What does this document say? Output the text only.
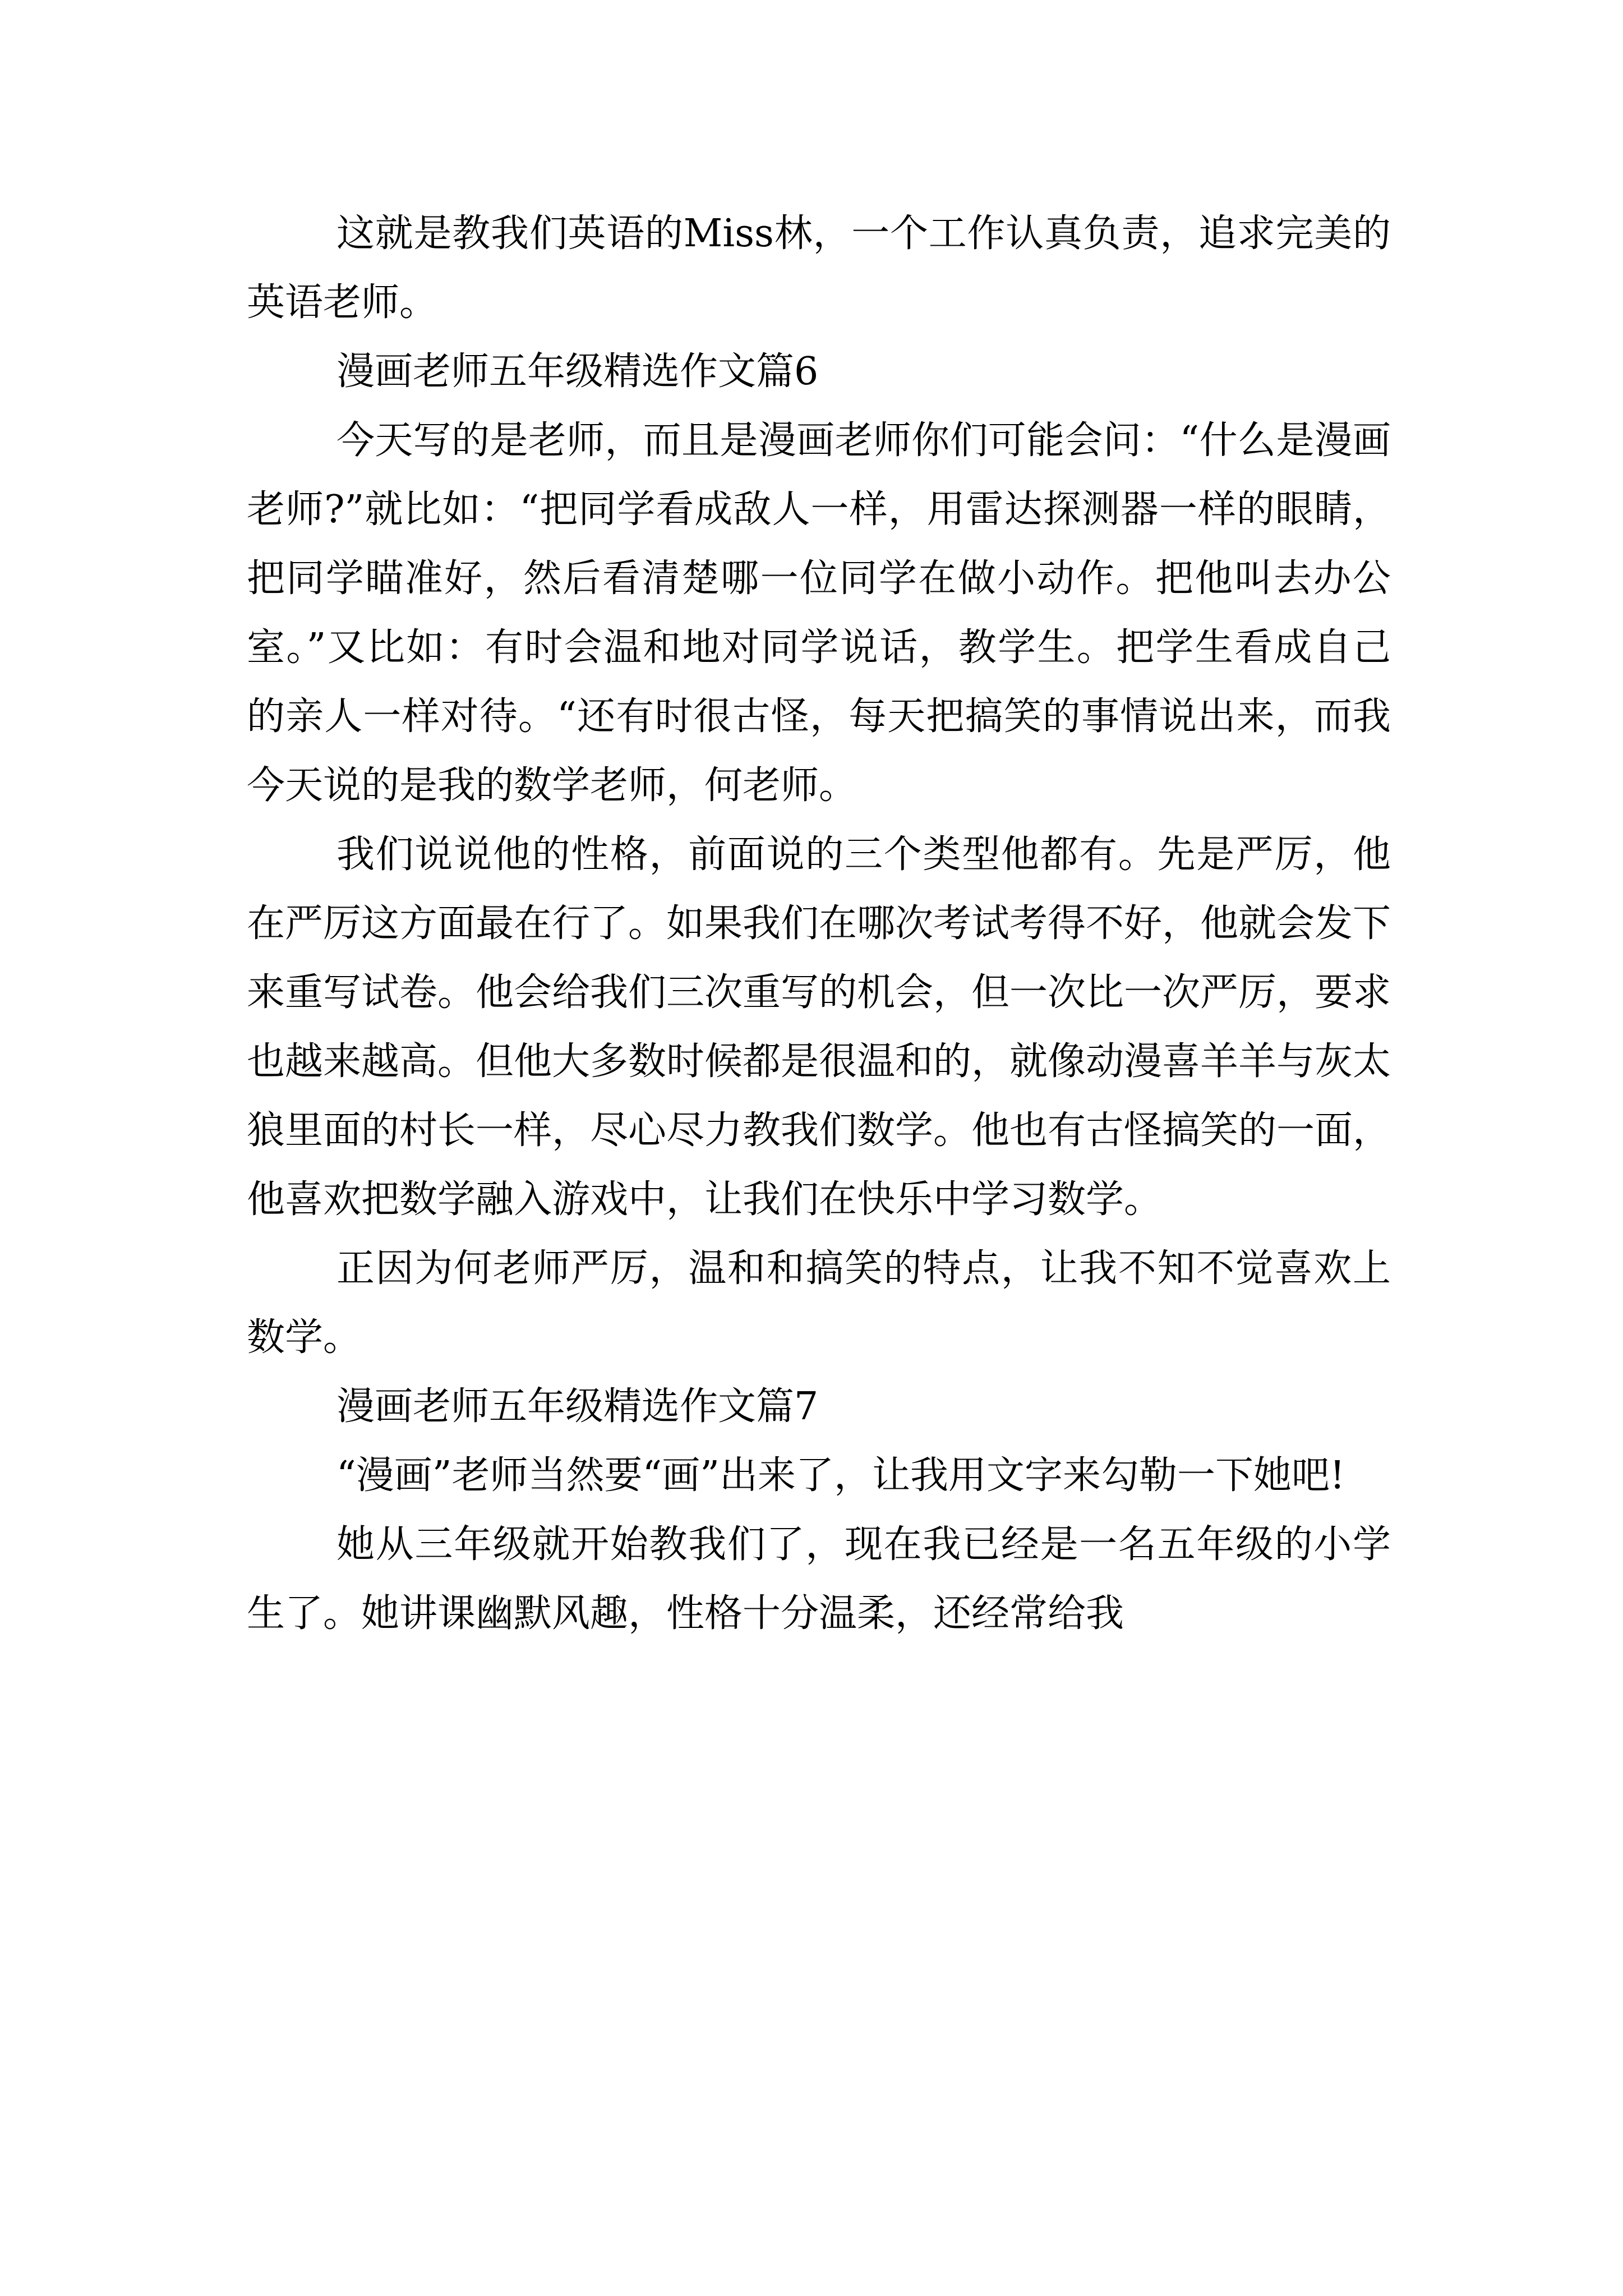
这就是教我们英语的Miss林，一个工作认真负责，追求完美的英语老师。

漫画老师五年级精选作文篇6

今天写的是老师，而且是漫画老师你们可能会问：“什么是漫画老师?”就比如：“把同学看成敌人一样，用雷达探测器一样的眼睛，把同学瞄准好，然后看清楚哪一位同学在做小动作。把他叫去办公室。”又比如：有时会温和地对同学说话，教学生。把学生看成自己的亲人一样对待。“还有时很古怪，每天把搞笑的事情说出来，而我今天说的是我的数学老师，何老师。

我们说说他的性格，前面说的三个类型他都有。先是严厉，他在严厉这方面最在行了。如果我们在哪次考试考得不好，他就会发下来重写试卷。他会给我们三次重写的机会，但一次比一次严厉，要求也越来越高。但他大多数时候都是很温和的，就像动漫喜羊羊与灰太狼里面的村长一样，尽心尽力教我们数学。他也有古怪搞笑的一面，他喜欢把数学融入游戏中，让我们在快乐中学习数学。

正因为何老师严厉，温和和搞笑的特点，让我不知不觉喜欢上数学。

漫画老师五年级精选作文篇7

“漫画”老师当然要“画”出来了，让我用文字来勾勒一下她吧!

她从三年级就开始教我们了，现在我已经是一名五年级的小学生了。她讲课幽默风趣，性格十分温柔，还经常给我
